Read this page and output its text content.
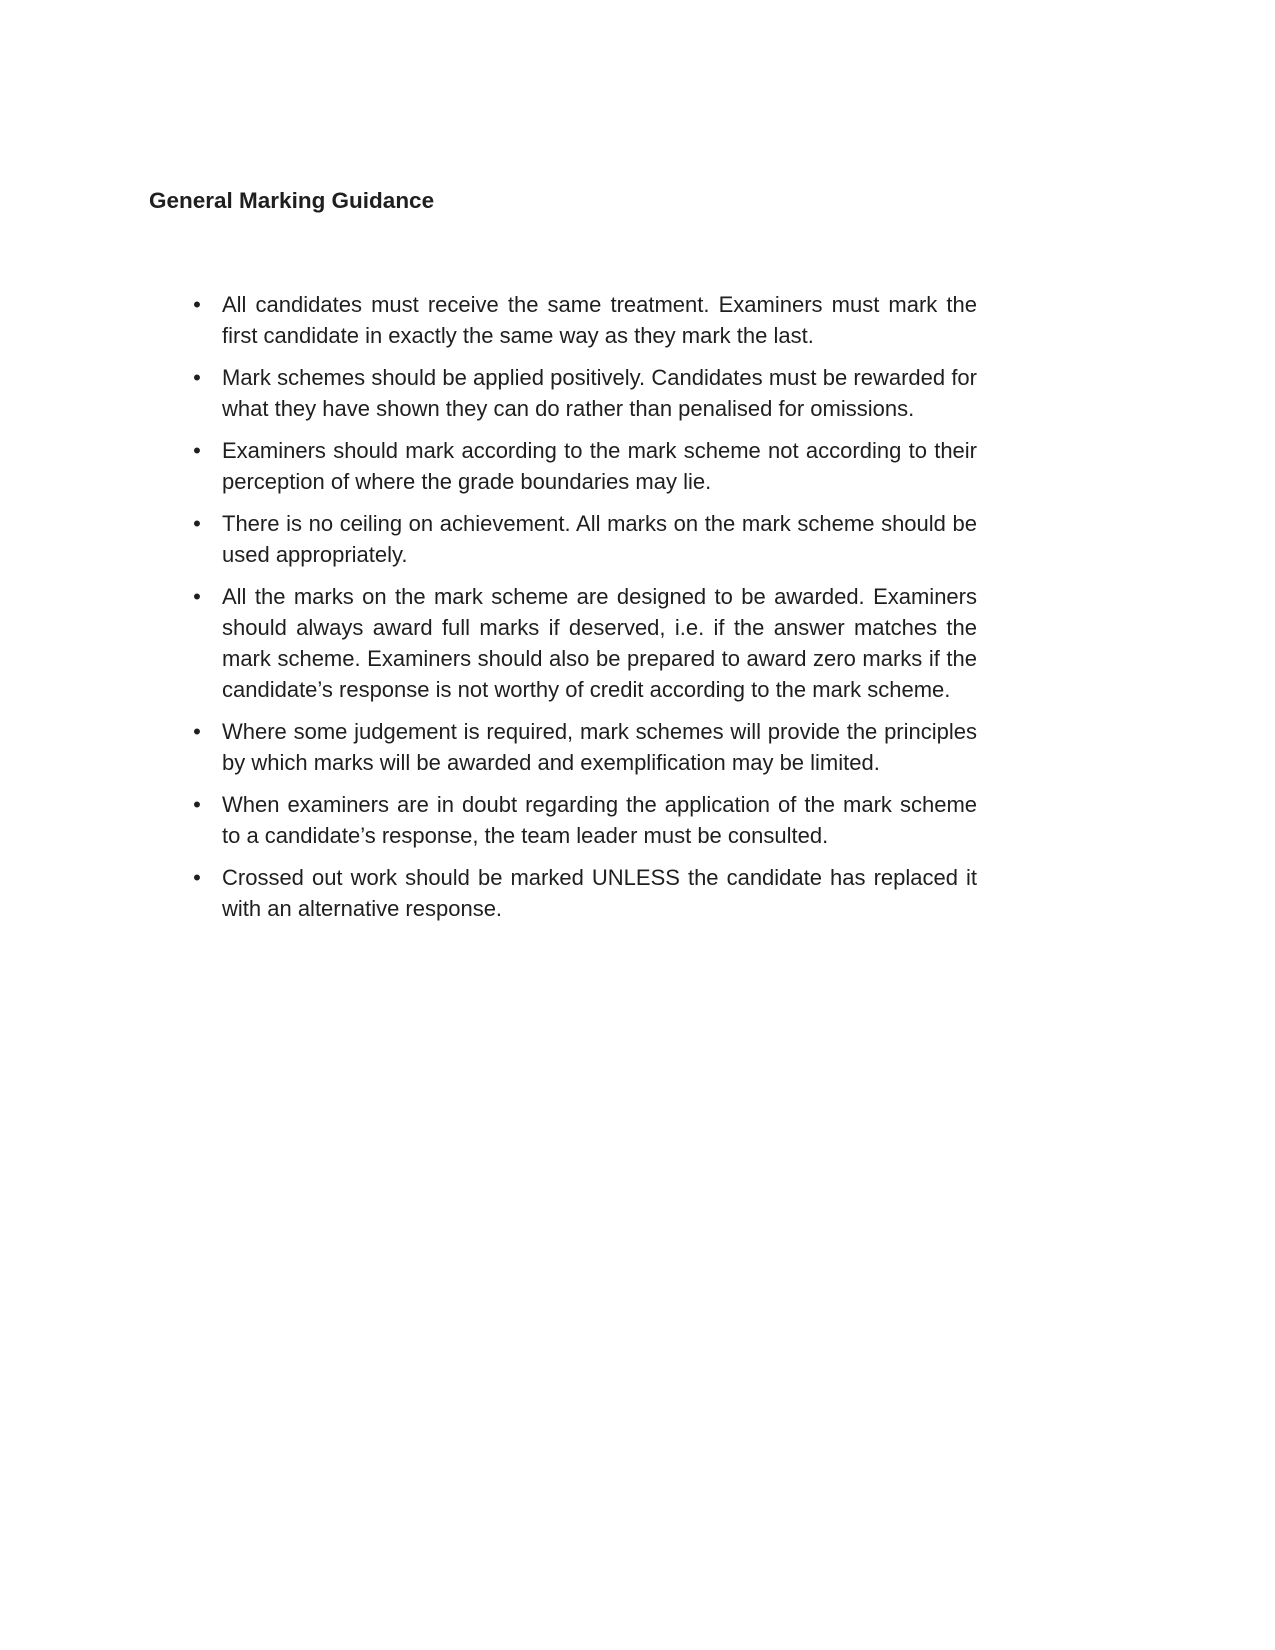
General Marking Guidance
• All candidates must receive the same treatment. Examiners must mark the first candidate in exactly the same way as they mark the last.
• Mark schemes should be applied positively. Candidates must be rewarded for what they have shown they can do rather than penalised for omissions.
• Examiners should mark according to the mark scheme not according to their perception of where the grade boundaries may lie.
• There is no ceiling on achievement. All marks on the mark scheme should be used appropriately.
• All the marks on the mark scheme are designed to be awarded. Examiners should always award full marks if deserved, i.e. if the answer matches the mark scheme. Examiners should also be prepared to award zero marks if the candidate’s response is not worthy of credit according to the mark scheme.
• Where some judgement is required, mark schemes will provide the principles by which marks will be awarded and exemplification may be limited.
• When examiners are in doubt regarding the application of the mark scheme to a candidate’s response, the team leader must be consulted.
• Crossed out work should be marked UNLESS the candidate has replaced it with an alternative response.
